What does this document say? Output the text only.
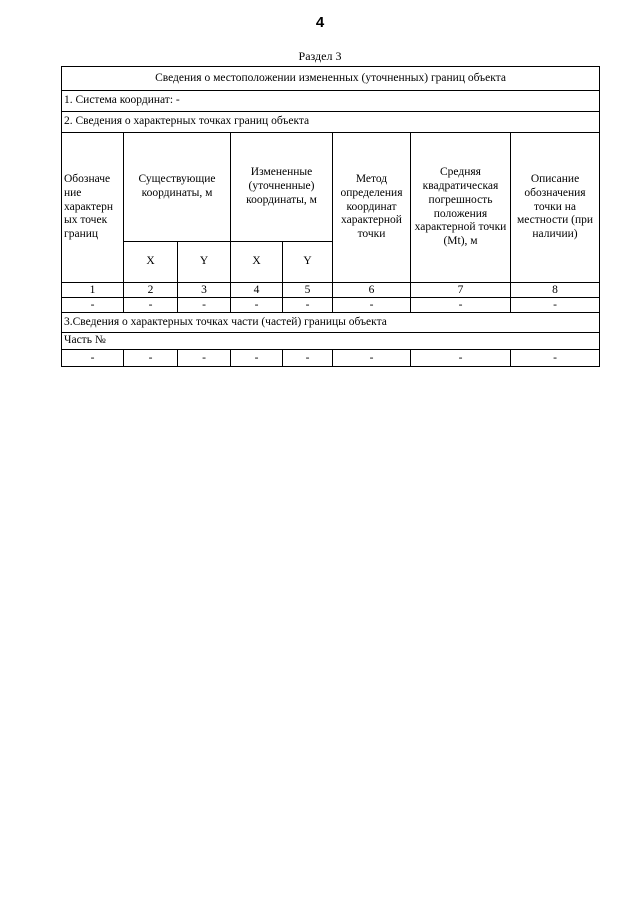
4
Раздел 3
Сведения о местоположении измененных (уточненных) границ объекта							
1. Система координат: -							
2. Сведения о характерных точках границ объекта							
Обозначе ние характерн ых точек границ	Существующие координаты, м		Измененные (уточненные) координаты, м		Метод определения координат характерной точки	Средняя квадратическая погрешность положения характерной точки (Mt), м	Описание обозначения точки на местности (при наличии)
	X	Y	X	Y			
1	2	3	4	5	6	7	8
-	-	-	-	-	-	-	-
3.Сведения о характерных точках части (частей) границы объекта							
Часть №							
-	-	-	-	-	-	-	-
